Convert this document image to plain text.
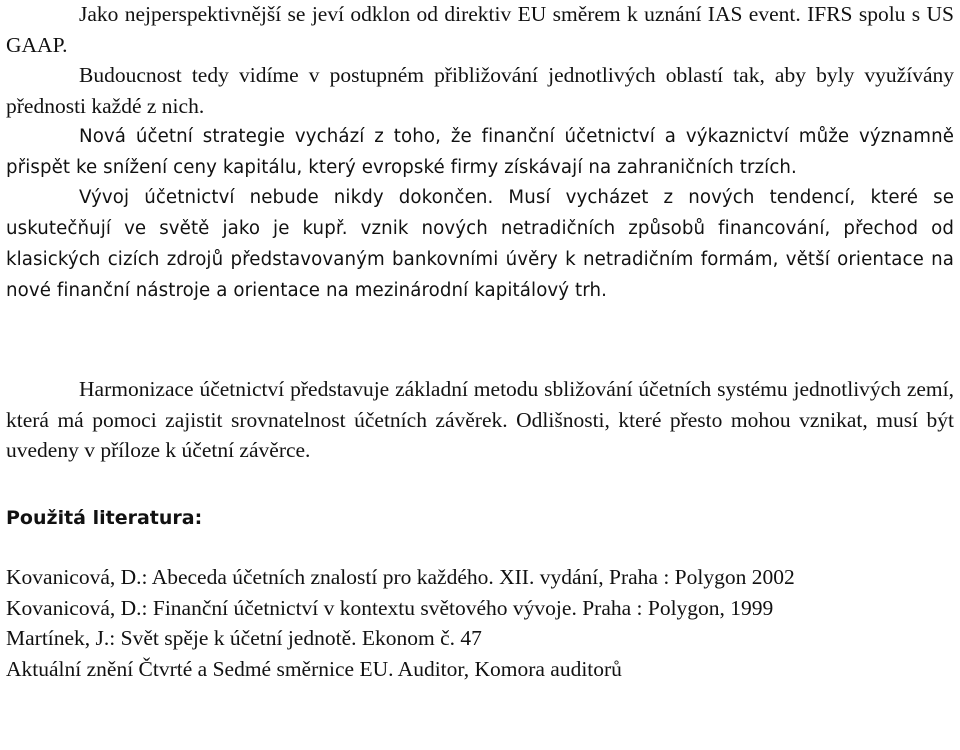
Jako nejperspektivnější se jeví odklon od direktiv EU směrem k uznání IAS event. IFRS spolu s US GAAP.

Budoucnost tedy vidíme v postupném přibližování jednotlivých oblastí tak, aby byly využívány přednosti každé z nich.

Nová účetní strategie vychází z toho, že finanční účetnictví a výkaznictví může významně přispět ke snížení ceny kapitálu, který evropské firmy získávají na zahraničních trzích.

Vývoj účetnictví nebude nikdy dokončen. Musí vycházet z nových tendencí, které se uskutečňují ve světě jako je kupř. vznik nových netradičních způsobů financování, přechod od klasických cizích zdrojů představovaným bankovními úvěry k netradičním formám, větší orientace na nové finanční nástroje a orientace na mezinárodní kapitálový trh.

Harmonizace účetnictví představuje základní metodu sbližování účetních systému jednotlivých zemí, která má pomoci zajistit srovnatelnost účetních závěrek. Odlišnosti, které přesto mohou vznikat, musí být uvedeny v příloze k účetní závěrce.

Použitá literatura:
Kovanicová, D.: Abeceda účetních znalostí pro každého. XII. vydání, Praha : Polygon 2002
Kovanicová, D.: Finanční účetnictví v kontextu světového vývoje. Praha : Polygon, 1999
Martínek, J.: Svět spěje k účetní jednotě. Ekonom č. 47
Aktuální znění Čtvrté a Sedmé směrnice EU. Auditor, Komora auditorů
